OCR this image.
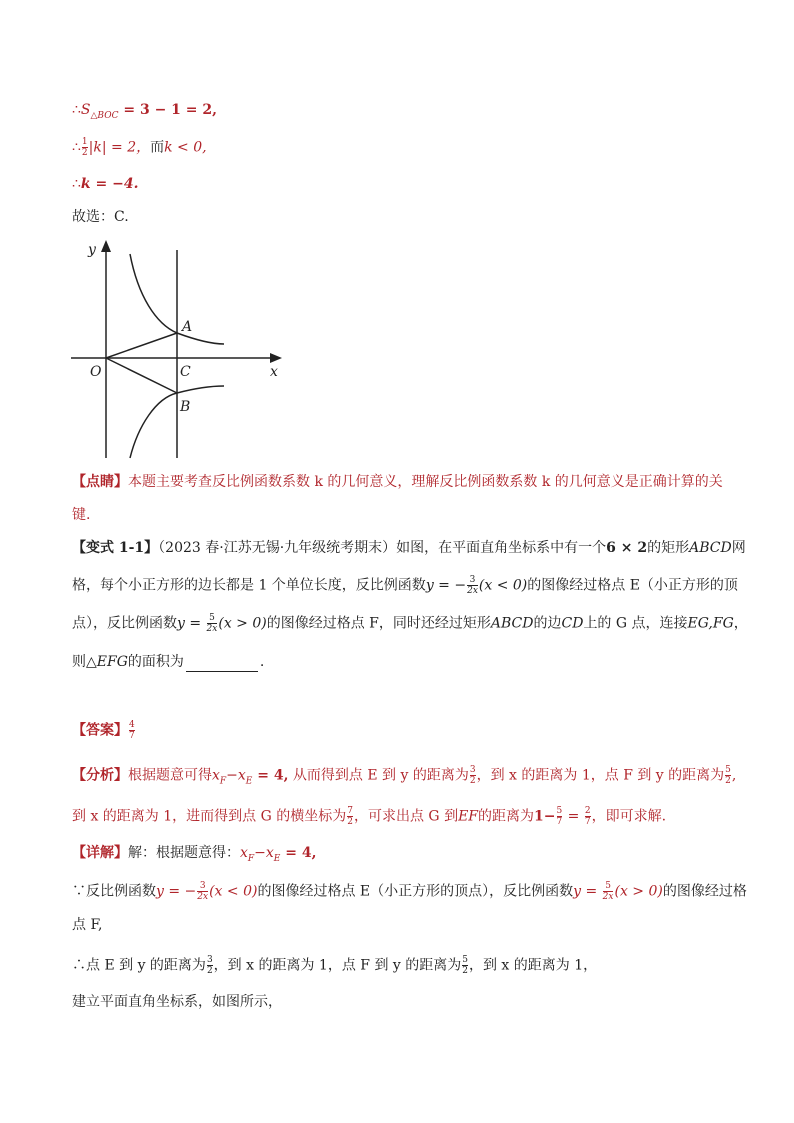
$\therefore S_{\triangle BOC} = 3 - 1 = 2$,
∴ $\frac{1}{2} |k| = 2$，而k < 0,
∴k = −4.
故选：C.
y
x
O	C
A
B
【点睛】本题主要考查反比例函数系数 k 的几何意义，理解反比例函数系数 k 的几何意义是正确计算的关
键.
【变式 1-1】（2023 春·江苏无锡·九年级统考期末）如图，在平面直角坐标系中有一个6 × 2的矩形ABCD网
格，每个小正方形的边长都是 1 个单位长度，反比例函数y = − $\frac{3}{2x} (x < 0)$的图像经过格点 E（小正方形的顶
点），反比例函数$y = \frac{5}{2x} (x > 0)$的图像经过格点 F，同时还经过矩形ABCD的边CD上的 G 点，连接EG,FG，
则△EFG的面积为	.
【答案】 $\frac{4}{7}$
【分析】根据题意可得$x_F-x_E = 4$, 从而得到点 E 到 y 的距离为 $\frac{3}{2}$ ，到 x 的距离为 1，点 F 到 y 的距离为 $\frac{5}{2}$ ,
到 x 的距离为 1，进而得到点 G 的横坐标为 $\frac{7}{2}$ ，可求出点 G 到EF的距离为$1- \frac{5}{7} = \frac{2}{7}$ ，即可求解.
【详解】解：根据题意得：$x_F-x_E = 4$,
∵反比例函数y = − $\frac{3}{2x} (x < 0)$的图像经过格点 E（小正方形的顶点），反比例函数$y = \frac{5}{2x} (x > 0)$的图像经过格
点 F,
∴点 E 到 y 的距离为 $\frac{3}{2}$ ，到 x 的距离为 1，点 F 到 y 的距离为 $\frac{5}{2}$ ，到 x 的距离为 1，
建立平面直角坐标系，如图所示，
